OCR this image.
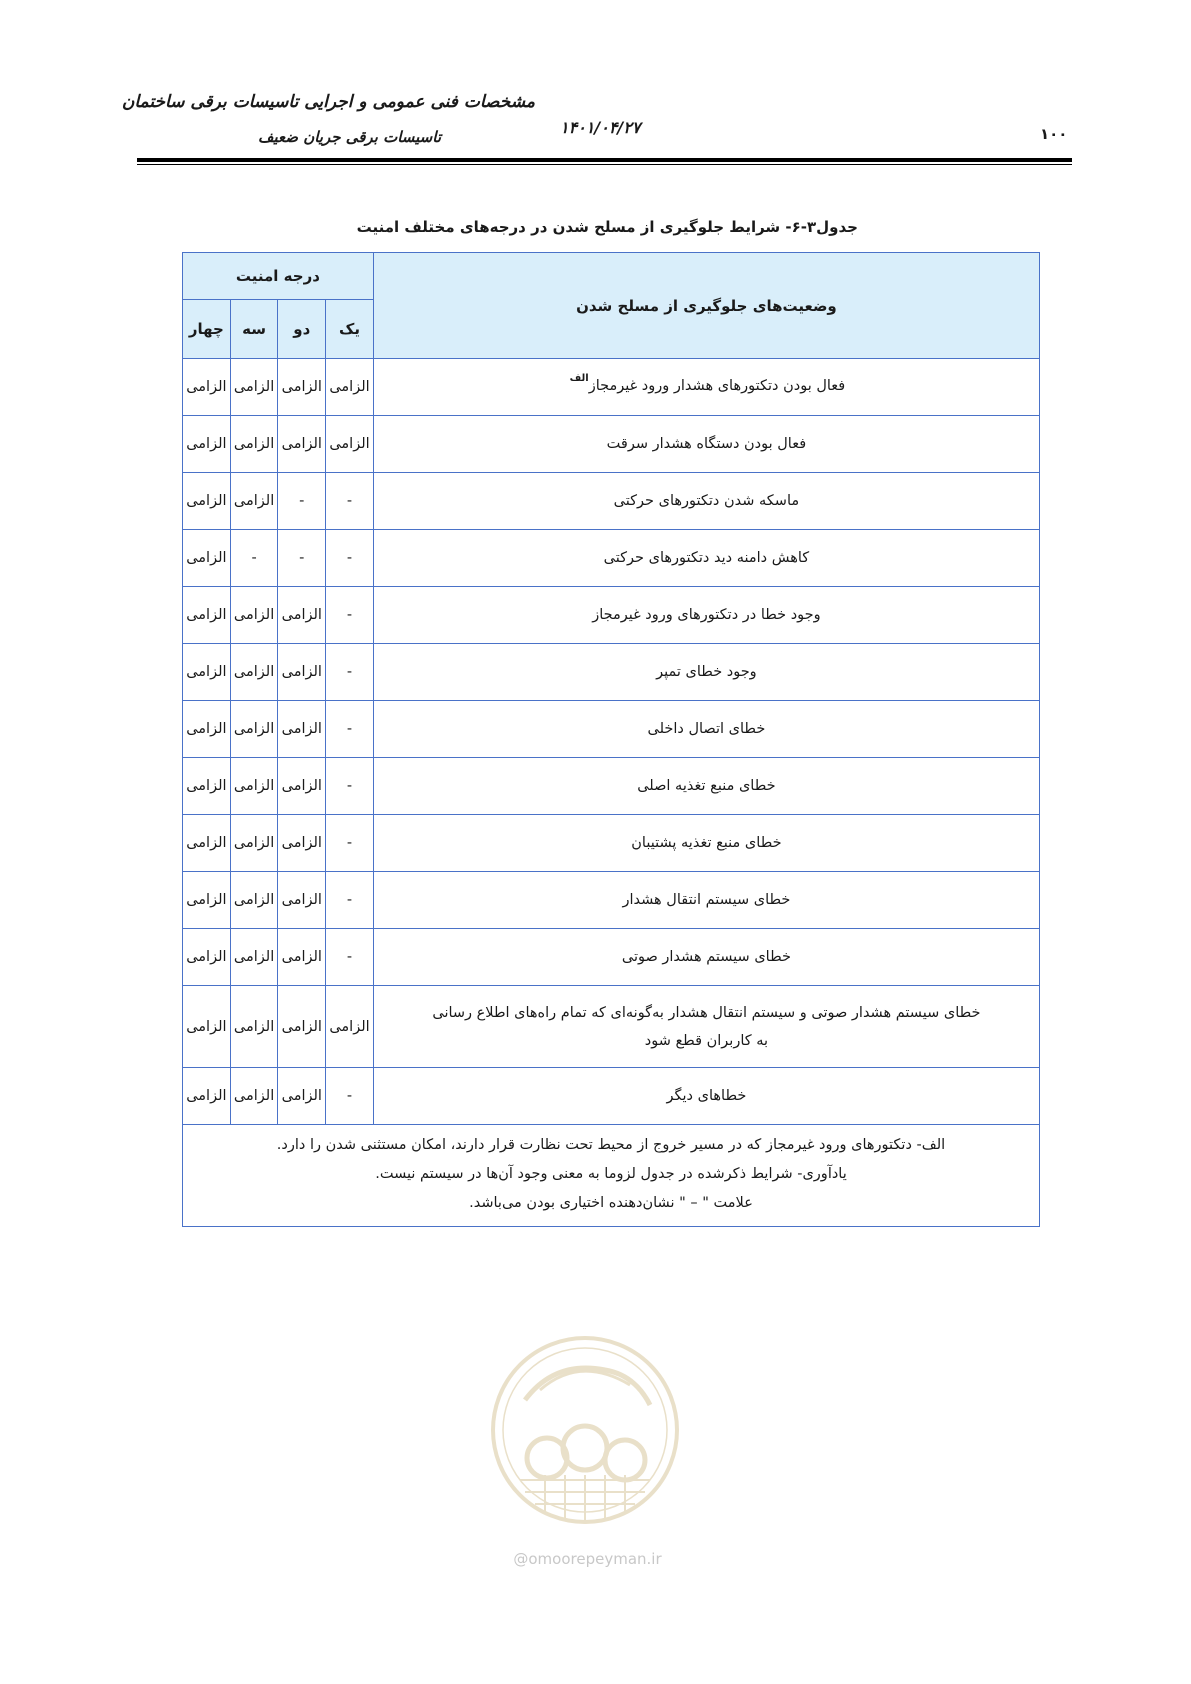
مشخصات فنی عمومی و اجرایی تاسیسات برقی ساختمان
تاسیسات برقی جریان ضعیف	۱۴۰۱/۰۴/۲۷	۱۰۰
جدول۳-۶- شرایط جلوگیری از مسلح شدن در درجه‌های مختلف امنیت
وضعیت‌های جلوگیری از مسلح شدن	درجه امنیت			
	یک	دو	سه	چهار
فعال بودن دتکتورهای هشدار ورود غیرمجاز$^{الف}$	الزامی	الزامی	الزامی	الزامی
فعال بودن دستگاه هشدار سرقت	الزامی	الزامی	الزامی	الزامی
ماسکه شدن دتکتورهای حرکتی	-	-	الزامی	الزامی
کاهش دامنه دید دتکتورهای حرکتی	-	-	-	الزامی
وجود خطا در دتکتورهای ورود غیرمجاز	-	الزامی	الزامی	الزامی
وجود خطای تمپر	-	الزامی	الزامی	الزامی
خطای اتصال داخلی	-	الزامی	الزامی	الزامی
خطای منبع تغذیه اصلی	-	الزامی	الزامی	الزامی
خطای منبع تغذیه پشتیبان	-	الزامی	الزامی	الزامی
خطای سیستم انتقال هشدار	-	الزامی	الزامی	الزامی
خطای سیستم هشدار صوتی	-	الزامی	الزامی	الزامی

خطای سیستم هشدار صوتی و سیستم انتقال هشدار به‌گونه‌ای که تمام راه‌های اطلاع رسانی
به کاربران قطع شود	الزامی	الزامی	الزامی	الزامی
خطاهای دیگر	-	الزامی	الزامی	الزامی

الف- دتکتورهای ورود غیرمجاز که در مسیر خروج از محیط تحت نظارت قرار دارند، امکان مستثنی شدن را دارد.
یادآوری- شرایط ذکرشده در جدول لزوما به معنی وجود آن‌ها در سیستم نیست.
علامت " – " نشان‌دهنده اختیاری بودن می‌باشد.				
@omoorepeyman.ir
